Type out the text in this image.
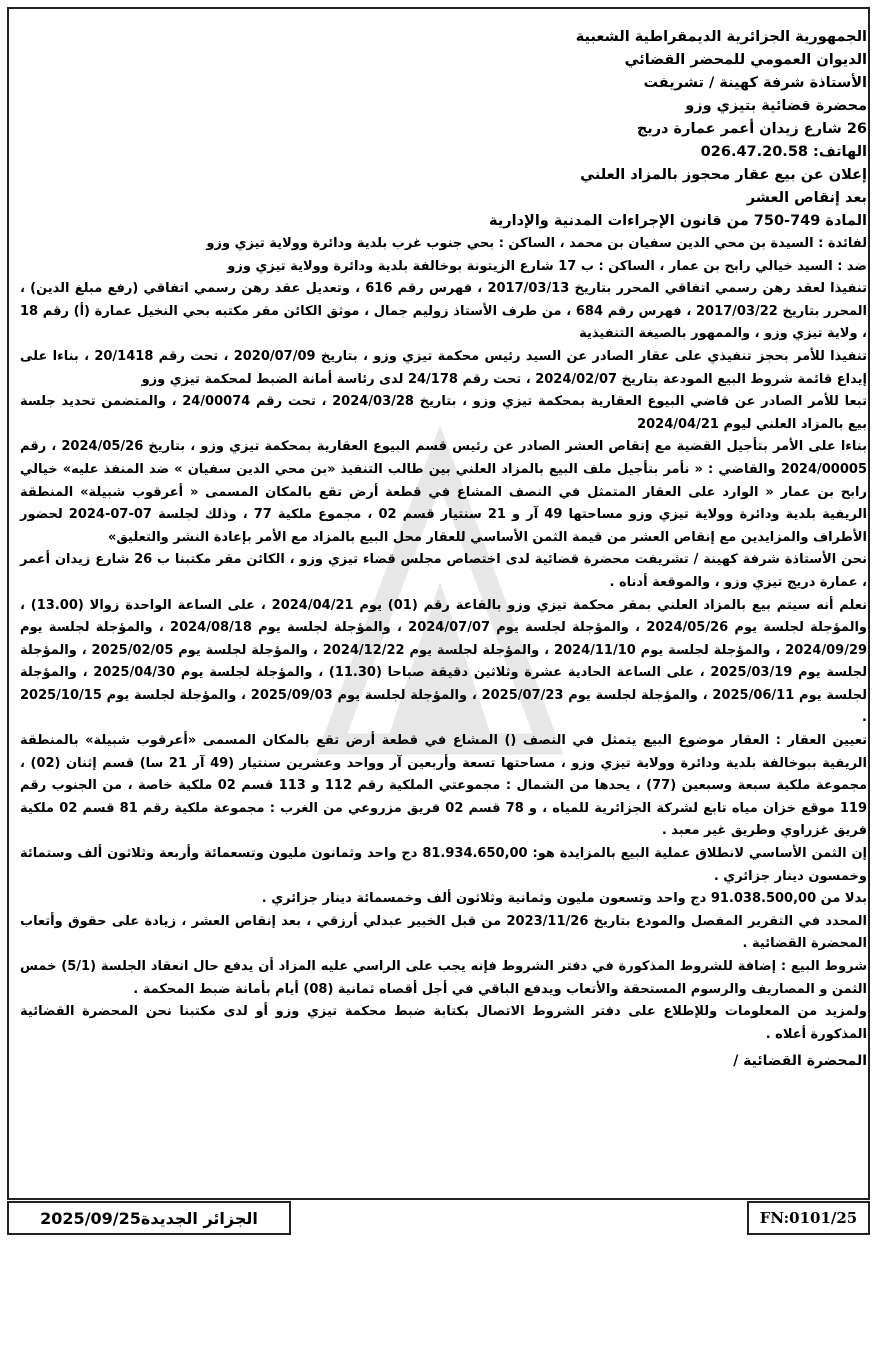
الجمهورية الجزائرية الديمقراطية الشعبية
الديوان العمومي للمحضر القضائي
الأستاذة شرفة كهينة / تشريفت
محضرة قضائية بتيزي وزو
26 شارع زيدان أعمر عمارة دريج
الهاتف: 026.47.20.58
إعلان عن بيع عقار محجوز بالمزاد العلني
بعد إنقاص العشر
المادة 749-750 من قانون الإجراءات المدنية والإدارية

لفائدة : السيدة بن محي الدين سفيان بن محمد ، الساكن : بحي جنوب غرب بلدية ودائرة وولاية تيزي وزو

ضد : السيد خيالي رابح بن عمار ، الساكن : ب 17 شارع الزيتونة بوخالفة بلدية ودائرة وولاية تيزي وزو

تنفيذا لعقد رهن رسمي اتفاقي المحرر بتاريخ 2017/03/13 ، فهرس رقم 616 ، وتعديل عقد رهن رسمي اتفاقي (رفع مبلغ الدين) ، المحرر بتاريخ 2017/03/22 ، فهرس رقم 684 ، من طرف الأستاذ زوليم جمال ، موثق الكائن مقر مكتبه بحي النخيل عمارة (أ) رقم 18 ، ولاية تيزي وزو ، والممهور بالصيغة التنفيذية

تنفيذا للأمر بحجز تنفيذي على عقار الصادر عن السيد رئيس محكمة تيزي وزو ، بتاريخ 2020/07/09 ، تحت رقم 20/1418 ، بناءا على إيداع قائمة شروط البيع المودعة بتاريخ 2024/02/07 ، تحت رقم 24/178 لدى رئاسة أمانة الضبط لمحكمة تيزي وزو

تبعا للأمر الصادر عن قاضي البيوع العقارية بمحكمة تيزي وزو ، بتاريخ 2024/03/28 ، تحت رقم 24/00074 ، والمتضمن تحديد جلسة بيع بالمزاد العلني ليوم 2024/04/21

بناءا على الأمر بتأجيل القضية مع إنقاص العشر الصادر عن رئيس قسم البيوع العقارية بمحكمة تيزي وزو ، بتاريخ 2024/05/26 ، رقم 2024/00005 والقاضي : « نأمر بتأجيل ملف البيع بالمزاد العلني بين طالب التنفيذ «بن محي الدين سفيان » ضد المنفذ عليه» خيالي رابح بن عمار « الوارد على العقار المتمثل في النصف المشاع في قطعة أرض تقع بالمكان المسمى « أعرقوب شبيلة» المنطقة الريفية بلدية ودائرة وولاية تيزي وزو مساحتها 49 آر و 21 سنتيار قسم 02 ، مجموع ملكية 77 ، وذلك لجلسة 07-07-2024 لحضور الأطراف والمزايدين مع إنقاص العشر من قيمة الثمن الأساسي للعقار محل البيع بالمزاد مع الأمر بإعادة النشر والتعليق»

نحن الأستاذة شرفة كهينة / تشريفت محضرة قضائية لدى اختصاص مجلس قضاء تيزي وزو ، الكائن مقر مكتبنا ب 26 شارع زيدان أعمر ، عمارة دريج تيزي وزو ، والموقعة أدناه .

نعلم أنه سيتم بيع بالمزاد العلني بمقر محكمة تيزي وزو بالقاعة رقم (01) يوم 2024/04/21 ، على الساعة الواحدة زوالا (13.00) ، والمؤجلة لجلسة يوم 2024/05/26 ، والمؤجلة لجلسة يوم 2024/07/07 ، والمؤجلة لجلسة يوم 2024/08/18 ، والمؤجلة لجلسة يوم 2024/09/29 ، والمؤجلة لجلسة يوم 2024/11/10 ، والمؤجلة لجلسة يوم 2024/12/22 ، والمؤجلة لجلسة يوم 2025/02/05 ، والمؤجلة لجلسة يوم 2025/03/19 ، على الساعة الحادية عشرة وثلاثين دقيقة صباحا (11.30) ، والمؤجلة لجلسة يوم 2025/04/30 ، والمؤجلة لجلسة يوم 2025/06/11 ، والمؤجلة لجلسة يوم 2025/07/23 ، والمؤجلة لجلسة يوم 2025/09/03 ، والمؤجلة لجلسة يوم 2025/10/15 .

تعيين العقار : العقار موضوع البيع يتمثل في النصف () المشاع في قطعة أرض تقع بالمكان المسمى «أعرقوب شبيلة» بالمنطقة الريفية ببوخالفة بلدية ودائرة وولاية تيزي وزو ، مساحتها تسعة وأربعين آر وواحد وعشرين سنتيار (49 آر 21 سا) قسم إثنان (02) ، مجموعة ملكية سبعة وسبعين (77) ، يحدها من الشمال : مجموعتي الملكية رقم 112 و 113 قسم 02 ملكية خاصة ، من الجنوب رقم 119 موقع خزان مياه تابع لشركة الجزائرية للمياه ، و 78 قسم 02 فريق مزروعي من الغرب : مجموعة ملكية رقم 81 قسم 02 ملكية فريق غزراوي وطريق غير معبد .

إن الثمن الأساسي لانطلاق عملية البيع بالمزايدة هو: 81.934.650,00 دج واحد وثمانون مليون وتسعمائة وأربعة وثلاثون ألف وستمائة وخمسون دينار جزائري .

بدلا من 91.038.500,00 دج واحد وتسعون مليون وثمانية وثلاثون ألف وخمسمائة دينار جزائري .

المحدد في التقرير المفصل والمودع بتاريخ 2023/11/26 من قبل الخبير عبدلي أرزقي ، بعد إنقاص العشر ، زيادة على حقوق وأتعاب المحضرة القضائية .

شروط البيع : إضافة للشروط المذكورة في دفتر الشروط فإنه يجب على الراسي عليه المزاد أن يدفع حال انعقاد الجلسة (5/1) خمس الثمن و المصاريف والرسوم المستحقة والأتعاب ويدفع الباقي في أجل أقصاه ثمانية (08) أيام بأمانة ضبط المحكمة .

ولمزيد من المعلومات وللإطلاع على دفتر الشروط الاتصال بكتابة ضبط محكمة تيزي وزو أو لدى مكتبنا نحن المحضرة القضائية المذكورة أعلاه .

المحضرة القضائية /
الجزائر الجديدة
2025/09/25	FN:0101/25
